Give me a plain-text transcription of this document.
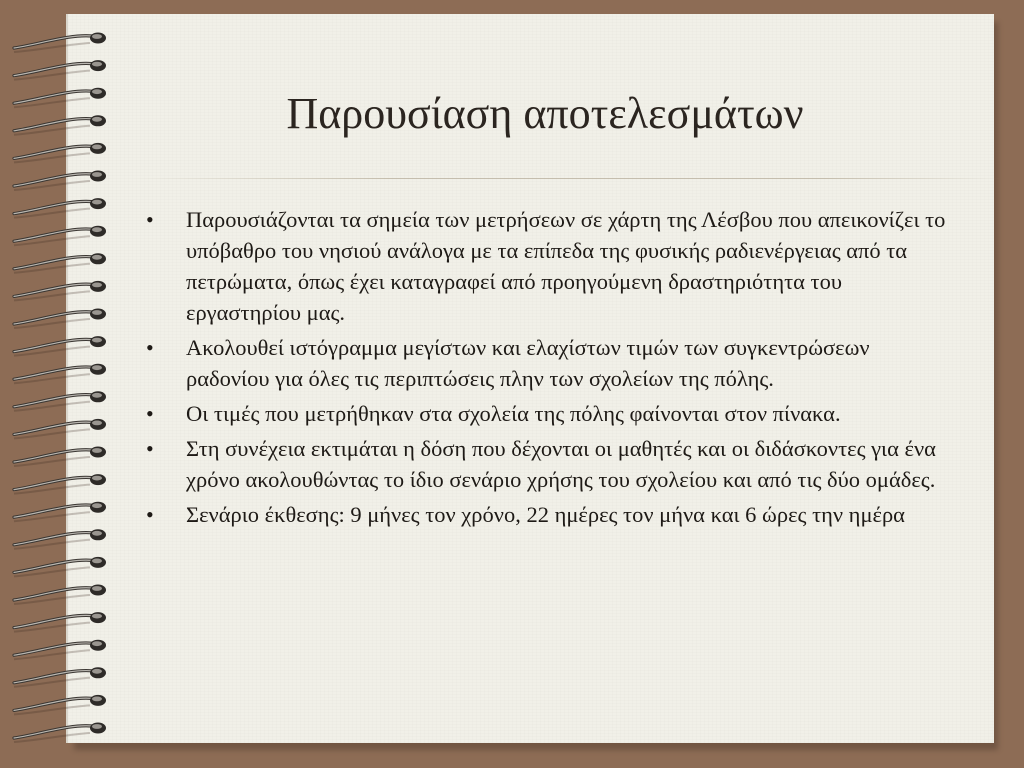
Παρουσίαση αποτελεσμάτων
• Παρουσιάζονται τα σημεία των μετρήσεων σε χάρτη της Λέσβου που απεικονίζει το υπόβαθρο του νησιού ανάλογα με τα επίπεδα της φυσικής ραδιενέργειας από τα πετρώματα, όπως έχει καταγραφεί από προηγούμενη δραστηριότητα του εργαστηρίου μας.
• Ακολουθεί ιστόγραμμα μεγίστων και ελαχίστων τιμών των συγκεντρώσεων ραδονίου για όλες τις περιπτώσεις πλην των σχολείων της πόλης.
• Οι τιμές που μετρήθηκαν στα σχολεία της πόλης φαίνονται στον πίνακα.
• Στη συνέχεια εκτιμάται η δόση που δέχονται οι μαθητές και οι διδάσκοντες για ένα χρόνο ακολουθώντας το ίδιο σενάριο χρήσης του σχολείου και από τις δύο ομάδες.
• Σενάριο έκθεσης: 9 μήνες τον χρόνο, 22 ημέρες τον μήνα και 6 ώρες την ημέρα
